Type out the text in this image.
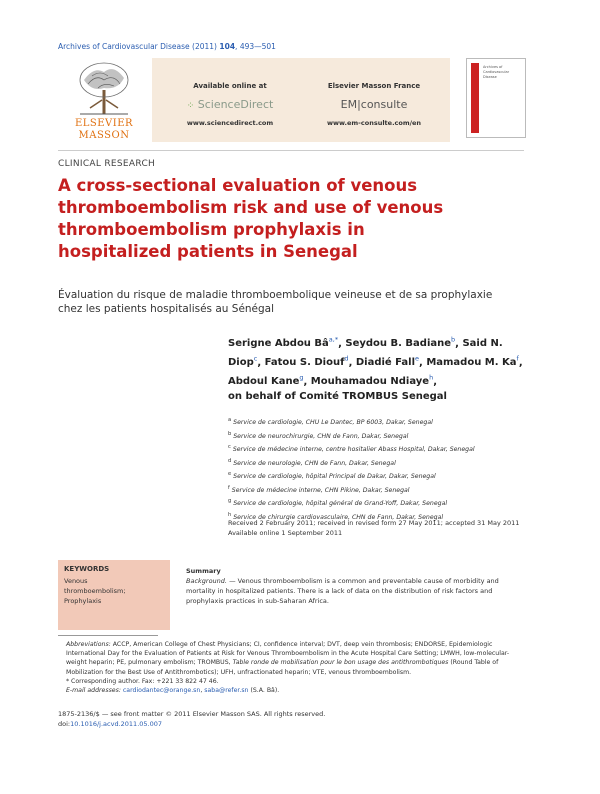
Archives of Cardiovascular Disease (2011) 104, 493—501
ELSEVIER
MASSON
Available online at
⁘ ScienceDirect
www.sciencedirect.com
Elsevier Masson France
EM|consulte
www.em-consulte.com/en
Archives of Cardiovascular Disease
CLINICAL RESEARCH
A cross-sectional evaluation of venous thromboembolism risk and use of venous thromboembolism prophylaxis in hospitalized patients in Senegal
Évaluation du risque de maladie thromboembolique veineuse et de sa prophylaxie chez les patients hospitalisés au Sénégal
Serigne Abdou $Bâ^{a,*}$, Seydou B. Badiane$^b$, Said N. Diop$^c$, Fatou S. Diouf$^d$, Diadié Fall$^e$, Mamadou M. Ka$^f$, Abdoul Kane$^g$, Mouhamadou Ndiaye$^h$,
on behalf of Comité TROMBUS Senegal
$^a$ Service de cardiologie, CHU Le Dantec, BP 6003, Dakar, Senegal
$^b$ Service de neurochirurgie, CHN de Fann, Dakar, Senegal
$^c$ Service de médecine interne, centre hositalier Abass Hospital, Dakar, Senegal
$^d$ Service de neurologie, CHN de Fann, Dakar, Senegal
$^e$ Service de cardiologie, hôpital Principal de Dakar, Dakar, Senegal
$^f$ Service de médecine interne, CHN Pikine, Dakar, Senegal
$^g$ Service de cardiologie, hôpital général de Grand-Yoff, Dakar, Senegal
$^h$ Service de chirurgie cardiovasculaire, CHN de Fann, Dakar, Senegal
Received 2 February 2011; received in revised form 27 May 2011; accepted 31 May 2011
Available online 1 September 2011
KEYWORDS
Venous
thromboembolism;
Prophylaxis
Summary
Background. — Venous thromboembolism is a common and preventable cause of morbidity and mortality in hospitalized patients. There is a lack of data on the distribution of risk factors and prophylaxis practices in sub-Saharan Africa.
Abbreviations: ACCP, American College of Chest Physicians; CI, confidence interval; DVT, deep vein thrombosis; ENDORSE, Epidemiologic International Day for the Evaluation of Patients at Risk for Venous Thromboembolism in the Acute Hospital Care Setting; LMWH, low-molecular-weight heparin; PE, pulmonary embolism; TROMBUS, Table ronde de mobilisation pour le bon usage des antithrombotiques (Round Table of Mobilization for the Best Use of Antithrombotics); UFH, unfractionated heparin; VTE, venous thromboembolism.
* Corresponding author. Fax: +221 33 822 47 46.
E-mail addresses: cardiodantec@orange.sn, saba@refer.sn (S.A. Bâ).
1875-2136/$ — see front matter © 2011 Elsevier Masson SAS. All rights reserved.
doi:10.1016/j.acvd.2011.05.007
